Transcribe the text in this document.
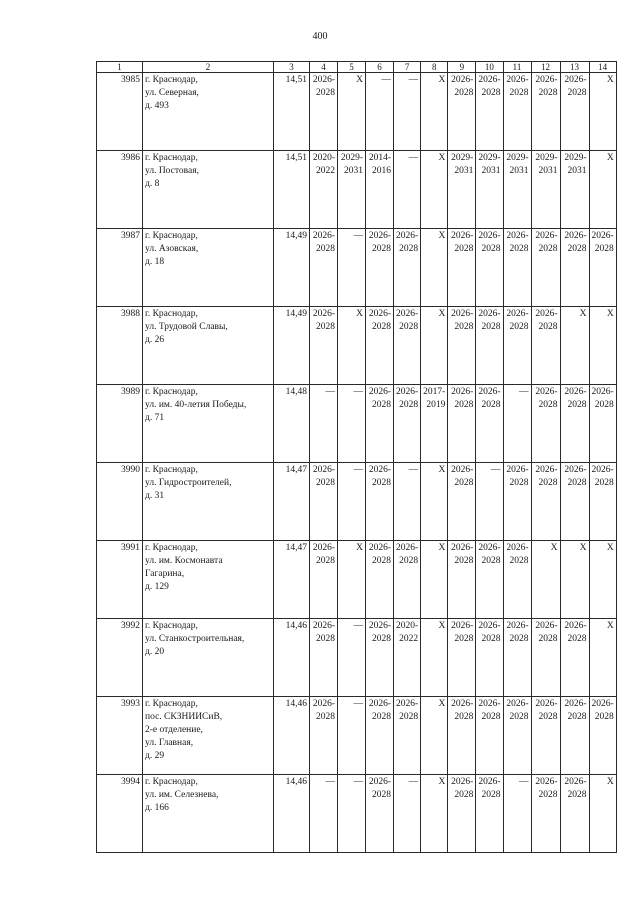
400
1	2	3	4	5	6	7	8	9	10	11	12	13	14
3985	г. Краснодар,
ул. Северная,
д. 493	14,51	2026-
2028	X	—	—	X	2026-
2028	2026-
2028	2026-
2028	2026-
2028	2026-
2028	X
3986	г. Краснодар,
ул. Постовая,
д. 8	14,51	2020-
2022	2029-
2031	2014-
2016	—	X	2029-
2031	2029-
2031	2029-
2031	2029-
2031	2029-
2031	X
3987	г. Краснодар,
ул. Азовская,
д. 18	14,49	2026-
2028	—	2026-
2028	2026-
2028	X	2026-
2028	2026-
2028	2026-
2028	2026-
2028	2026-
2028	2026-
2028
3988	г. Краснодар,
ул. Трудовой Славы,
д. 26	14,49	2026-
2028	X	2026-
2028	2026-
2028	X	2026-
2028	2026-
2028	2026-
2028	2026-
2028	X	X
3989	г. Краснодар,
ул. им. 40-летия Победы,
д. 71	14,48	—	—	2026-
2028	2026-
2028	2017-
2019	2026-
2028	2026-
2028	—	2026-
2028	2026-
2028	2026-
2028
3990	г. Краснодар,
ул. Гидростроителей,
д. 31	14,47	2026-
2028	—	2026-
2028	—	X	2026-
2028	—	2026-
2028	2026-
2028	2026-
2028	2026-
2028
3991	г. Краснодар,
ул. им. Космонавта
Гагарина,
д. 129	14,47	2026-
2028	X	2026-
2028	2026-
2028	X	2026-
2028	2026-
2028	2026-
2028	X	X	X
3992	г. Краснодар,
ул. Станкостроительная,
д. 20	14,46	2026-
2028	—	2026-
2028	2020-
2022	X	2026-
2028	2026-
2028	2026-
2028	2026-
2028	2026-
2028	X
3993	г. Краснодар,
пос. СКЗНИИСиВ,
2-е отделение,
ул. Главная,
д. 29	14,46	2026-
2028	—	2026-
2028	2026-
2028	X	2026-
2028	2026-
2028	2026-
2028	2026-
2028	2026-
2028	2026-
2028
3994	г. Краснодар,
ул. им. Селезнева,
д. 166	14,46	—	—	2026-
2028	—	X	2026-
2028	2026-
2028	—	2026-
2028	2026-
2028	X
